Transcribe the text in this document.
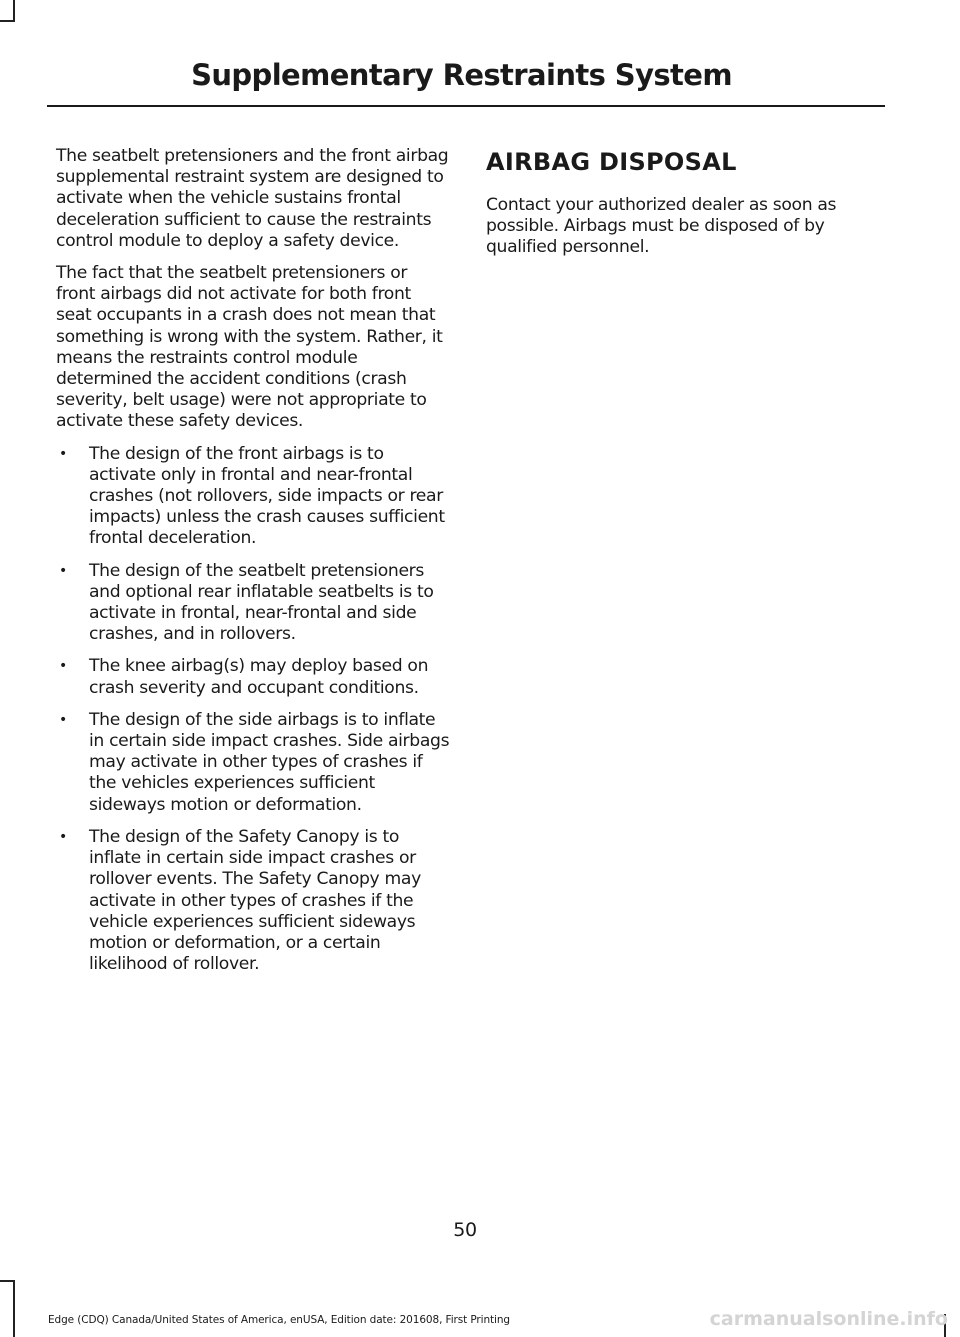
Supplementary Restraints System

The seatbelt pretensioners and the front airbag supplemental restraint system are designed to activate when the vehicle sustains frontal deceleration sufficient to cause the restraints control module to deploy a safety device.

The fact that the seatbelt pretensioners or front airbags did not activate for both front seat occupants in a crash does not mean that something is wrong with the system. Rather, it means the restraints control module determined the accident conditions (crash severity, belt usage) were not appropriate to activate these safety devices.

• The design of the front airbags is to activate only in frontal and near-frontal crashes (not rollovers, side impacts or rear impacts) unless the crash causes sufficient frontal deceleration.
• The design of the seatbelt pretensioners and optional rear inflatable seatbelts is to activate in frontal, near-frontal and side crashes, and in rollovers.
• The knee airbag(s) may deploy based on crash severity and occupant conditions.
• The design of the side airbags is to inflate in certain side impact crashes. Side airbags may activate in other types of crashes if the vehicles experiences sufficient sideways motion or deformation.
• The design of the Safety Canopy is to inflate in certain side impact crashes or rollover events. The Safety Canopy may activate in other types of crashes if the vehicle experiences sufficient sideways motion or deformation, or a certain likelihood of rollover.
AIRBAG DISPOSAL

Contact your authorized dealer as soon as possible. Airbags must be disposed of by qualified personnel.

50
Edge (CDQ) Canada/United States of America, enUSA, Edition date: 201608, First Printing	carmanualsonline.info
